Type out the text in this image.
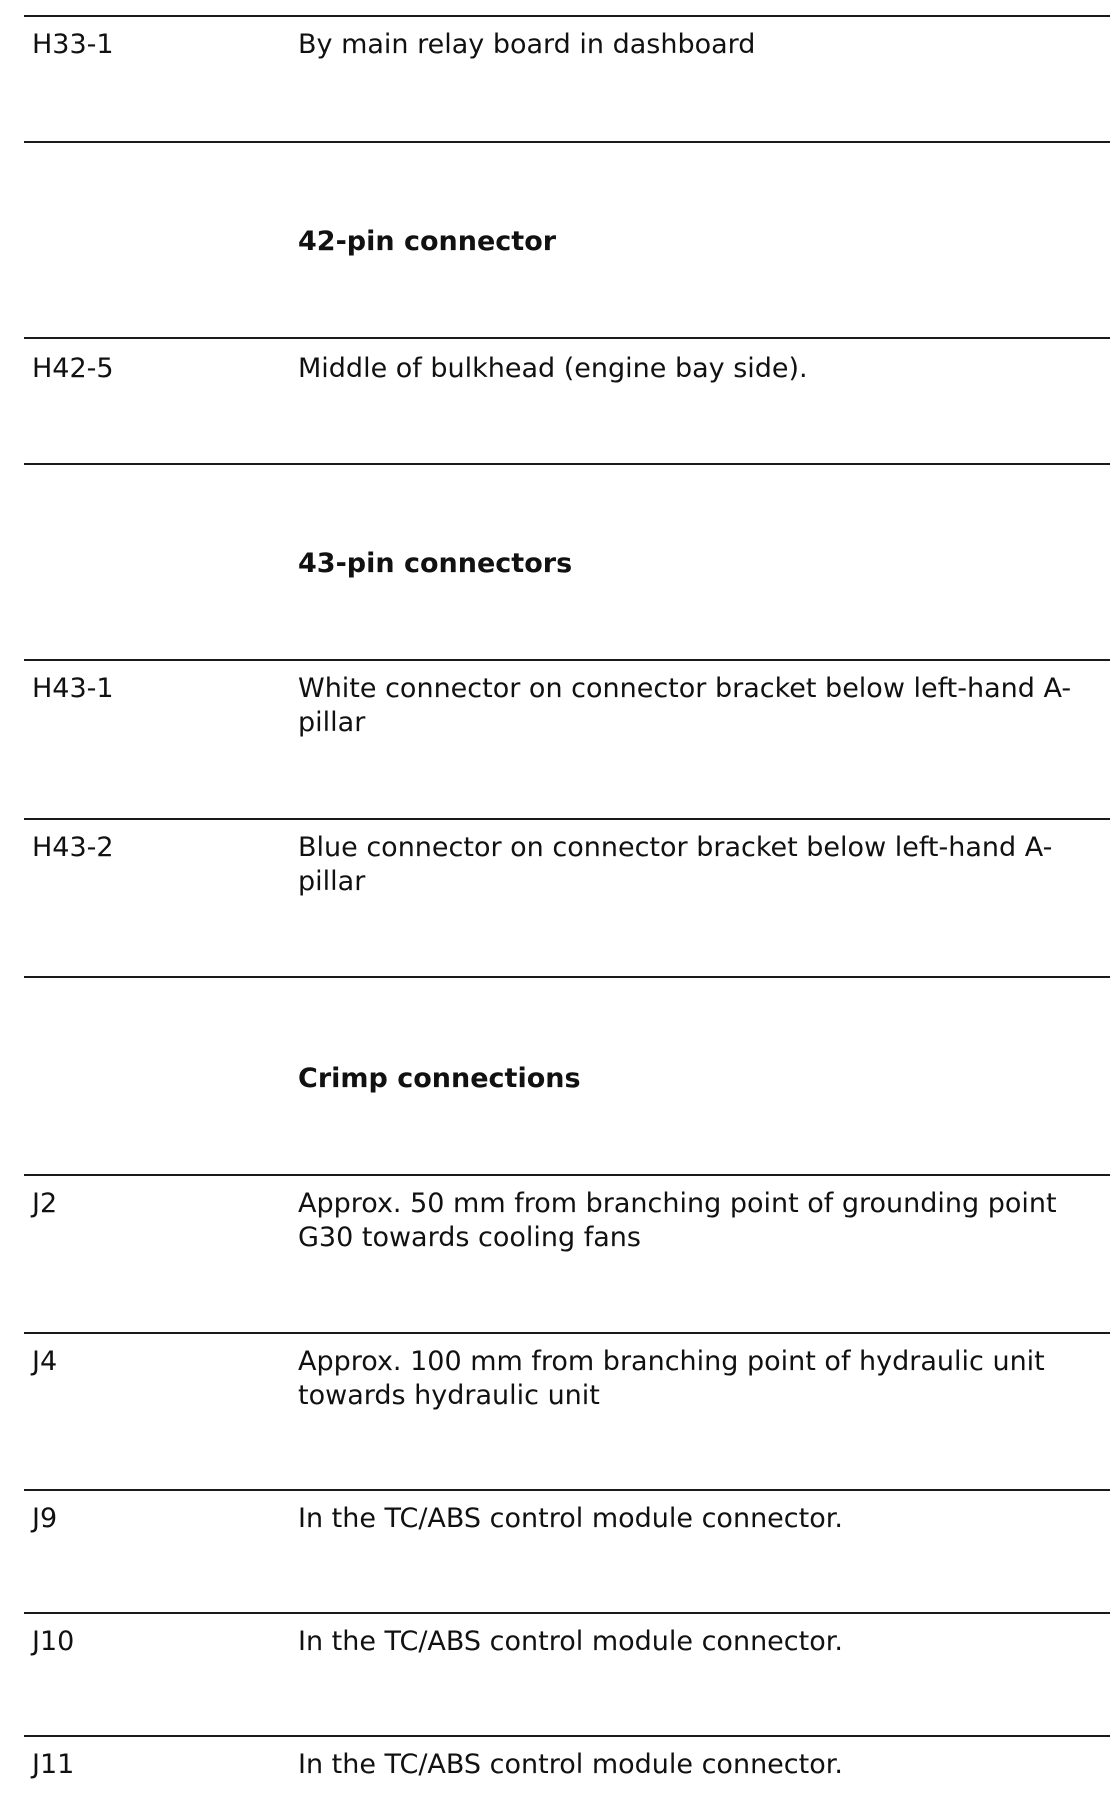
H33-1	By main relay board in dashboard
42-pin connector
H42-5	Middle of bulkhead (engine bay side).
43-pin connectors
H43-1	White connector on connector bracket below left-hand A-pillar
H43-2	Blue connector on connector bracket below left-hand A-pillar
Crimp connections
J2	Approx. 50 mm from branching point of grounding point G30 towards cooling fans
J4	Approx. 100 mm from branching point of hydraulic unit towards hydraulic unit
J9	In the TC/ABS control module connector.
J10	In the TC/ABS control module connector.
J11	In the TC/ABS control module connector.
